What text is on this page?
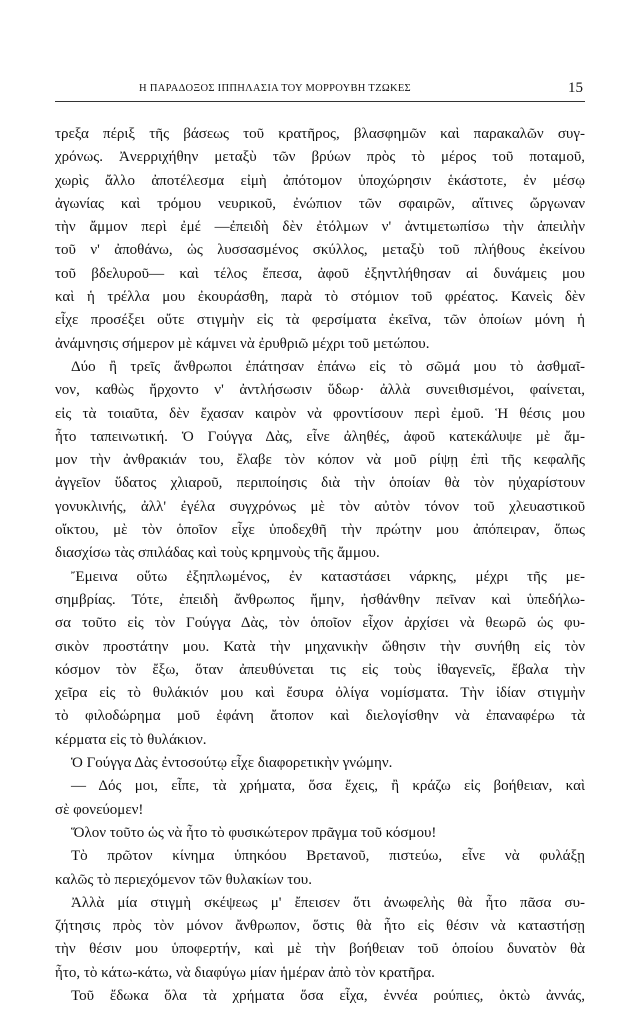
Η ΠΑΡΑΔΟΞΟΣ ΙΠΠΗΛΑΣΙΑ ΤΟΥ ΜΟΡΡΟΥΒΗ ΤΖΩΚΕΣ	15
τρεξα πέριξ τῆς βάσεως τοῦ κρατῆρος, βλασφημῶν καὶ παρακαλῶν συγ-
χρόνως. Ἀνερριχήθην μεταξὺ τῶν βρύων πρὸς τὸ μέρος τοῦ ποταμοῦ,
χωρὶς ἄλλο ἀποτέλεσμα εἰμὴ ἀπότομον ὑποχώρησιν ἑκάστοτε, ἐν μέσῳ
ἀγωνίας καὶ τρόμου νευρικοῦ, ἐνώπιον τῶν σφαιρῶν, αἵτινες ὤργωναν
τὴν ἄμμον περὶ ἐμέ —ἐπειδὴ δὲν ἐτόλμων ν' ἀντιμετωπίσω τὴν ἀπειλὴν
τοῦ ν' ἀποθάνω, ὡς λυσσασμένος σκύλλος, μεταξὺ τοῦ πλήθους ἐκείνου
τοῦ βδελυροῦ— καὶ τέλος ἔπεσα, ἀφοῦ ἐξηντλήθησαν αἱ δυνάμεις μου
καὶ ἡ τρέλλα μου ἐκουράσθη, παρὰ τὸ στόμιον τοῦ φρέατος. Κανεὶς δὲν
εἶχε προσέξει οὔτε στιγμὴν εἰς τὰ φερσίματα ἐκεῖνα, τῶν ὁποίων μόνη ἡ
ἀνάμνησις σήμερον μὲ κάμνει νὰ ἐρυθριῶ μέχρι τοῦ μετώπου.
Δύο ἢ τρεῖς ἄνθρωποι ἐπάτησαν ἐπάνω εἰς τὸ σῶμά μου τὸ ἀσθμαῖ-
νον, καθὼς ἤρχοντο ν' ἀντλήσωσιν ὕδωρ· ἀλλὰ συνειθισμένοι, φαίνεται,
εἰς τὰ τοιαῦτα, δὲν ἔχασαν καιρὸν νὰ φροντίσουν περὶ ἐμοῦ. Ἡ θέσις μου
ἦτο ταπεινωτική. Ὁ Γούγγα Δὰς, εἶνε ἀληθές, ἀφοῦ κατεκάλυψε μὲ ἄμ-
μον τὴν ἀνθρακιάν του, ἔλαβε τὸν κόπον νὰ μοῦ ρίψῃ ἐπὶ τῆς κεφαλῆς
ἀγγεῖον ὕδατος χλιαροῦ, περιποίησις διὰ τὴν ὁποίαν θὰ τὸν ηὐχαρίστουν
γονυκλινής, ἀλλ' ἐγέλα συγχρόνως μὲ τὸν αὐτὸν τόνον τοῦ χλευαστικοῦ
οἴκτου, μὲ τὸν ὁποῖον εἶχε ὑποδεχθῆ τὴν πρώτην μου ἀπόπειραν, ὅπως
διασχίσω τὰς σπιλάδας καὶ τοὺς κρημνοὺς τῆς ἄμμου.
Ἔμεινα οὕτω ἐξηπλωμένος, ἐν καταστάσει νάρκης, μέχρι τῆς με-
σημβρίας. Τότε, ἐπειδὴ ἄνθρωπος ἤμην, ἠσθάνθην πεῖναν καὶ ὑπεδήλω-
σα τοῦτο εἰς τὸν Γούγγα Δὰς, τὸν ὁποῖον εἶχον ἀρχίσει νὰ θεωρῶ ὡς φυ-
σικὸν προστάτην μου. Κατὰ τὴν μηχανικὴν ὤθησιν τὴν συνήθη εἰς τὸν
κόσμον τὸν ἔξω, ὅταν ἀπευθύνεται τις εἰς τοὺς ἰθαγενεῖς, ἔβαλα τὴν
χεῖρα εἰς τὸ θυλάκιόν μου καὶ ἔσυρα ὀλίγα νομίσματα. Τὴν ἰδίαν στιγμὴν
τὸ φιλοδώρημα μοῦ ἐφάνη ἄτοπον καὶ διελογίσθην νὰ ἐπαναφέρω τὰ
κέρματα εἰς τὸ θυλάκιον.
Ὁ Γούγγα Δὰς ἐντοσούτῳ εἶχε διαφορετικὴν γνώμην.
— Δός μοι, εἶπε, τὰ χρήματα, ὅσα ἔχεις, ἢ κράζω εἰς βοήθειαν, καὶ
σὲ φονεύομεν!
Ὅλον τοῦτο ὡς νὰ ἦτο τὸ φυσικώτερον πρᾶγμα τοῦ κόσμου!
Τὸ πρῶτον κίνημα ὑπηκόου Βρετανοῦ, πιστεύω, εἶνε νὰ φυλάξῃ
καλῶς τὸ περιεχόμενον τῶν θυλακίων του.
Ἀλλὰ μία στιγμὴ σκέψεως μ' ἔπεισεν ὅτι ἀνωφελὴς θὰ ἦτο πᾶσα συ-
ζήτησις πρὸς τὸν μόνον ἄνθρωπον, ὅστις θὰ ἦτο εἰς θέσιν νὰ καταστήσῃ
τὴν θέσιν μου ὑποφερτήν, καὶ μὲ τὴν βοήθειαν τοῦ ὁποίου δυνατὸν θὰ
ἦτο, τὸ κάτω-κάτω, νὰ διαφύγω μίαν ἡμέραν ἀπὸ τὸν κρατῆρα.
Τοῦ ἔδωκα ὅλα τὰ χρήματα ὅσα εἶχα, ἐννέα ρούπιες, ὀκτὼ ἀννάς,
